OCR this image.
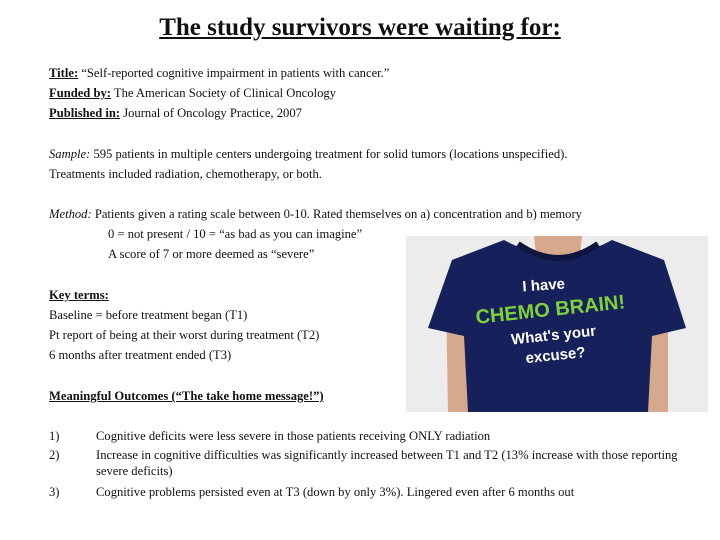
The study survivors were waiting for:
Title: “Self-reported cognitive impairment in patients with cancer.”
Funded by: The American Society of Clinical Oncology
Published in: Journal of Oncology Practice, 2007
Sample: 595 patients in multiple centers undergoing treatment for solid tumors (locations unspecified).
Treatments included radiation, chemotherapy, or both.
Method: Patients given a rating scale between 0-10. Rated themselves on a) concentration and b) memory
0 = not present / 10 = “as bad as you can imagine”
A score of 7 or more deemed as “severe”
I have
CHEMO BRAIN!
What's your
excuse?
Key terms:
Baseline = before treatment began (T1)
Pt report of being at their worst during treatment (T2)
6 months after treatment ended (T3)
Meaningful Outcomes (“The take home message!”)
1)	Cognitive deficits were less severe in those patients receiving ONLY radiation
2)	Increase in cognitive difficulties was significantly increased between T1 and T2 (13% increase with those reporting severe deficits)
3)	Cognitive problems persisted even at T3 (down by only 3%). Lingered even after 6 months out
